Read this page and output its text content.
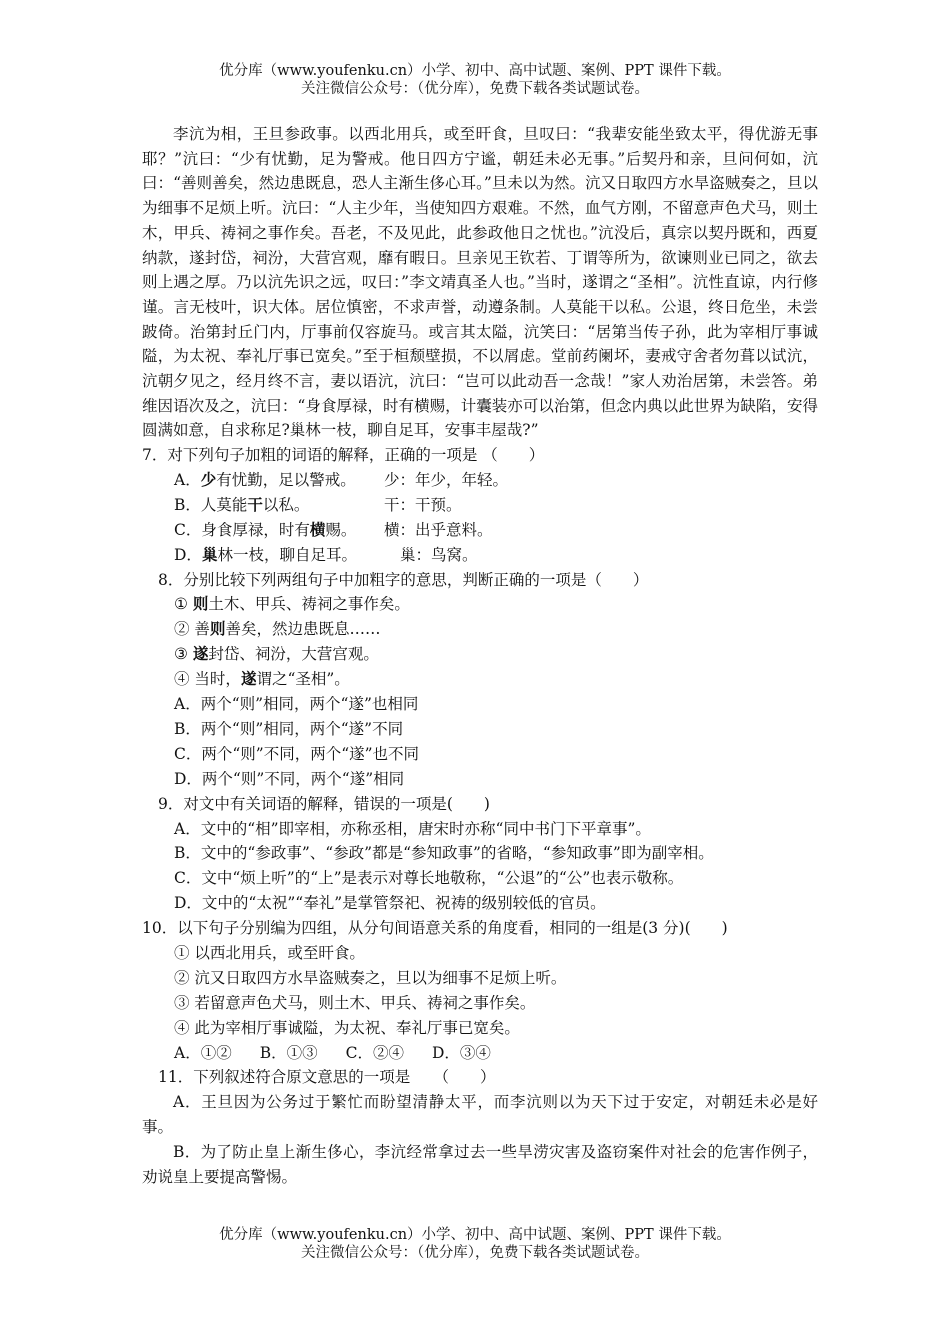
优分库（www.youfenku.cn）小学、初中、高中试题、案例、PPT 课件下载。
关注微信公众号：（优分库），免费下载各类试题试卷。

李沆为相，王旦参政事。以西北用兵，或至旰食，旦叹曰：“我辈安能坐致太平，得优游无事耶？”沆曰：“少有忧勤，足为警戒。他日四方宁谧，朝廷未必无事。”后契丹和亲，旦问何如，沆曰：“善则善矣，然边患既息，恐人主渐生侈心耳。”旦未以为然。沆又日取四方水旱盗贼奏之，旦以为细事不足烦上听。沆曰：“人主少年，当使知四方艰难。不然，血气方刚，不留意声色犬马，则土木，甲兵、祷祠之事作矣。吾老，不及见此，此参政他日之忧也。”沆没后，真宗以契丹既和，西夏纳款，遂封岱，祠汾，大营宫观，靡有暇日。旦亲见王钦若、丁谓等所为，欲谏则业已同之，欲去则上遇之厚。乃以沆先识之远，叹曰：”李文靖真圣人也。”当时，遂谓之“圣相”。沆性直谅，内行修谨。言无枝叶，识大体。居位慎密，不求声誉，动遵条制。人莫能干以私。公退，终日危坐，未尝跛倚。治第封丘门内，厅事前仅容旋马。或言其太隘，沆笑曰：“居第当传子孙，此为宰相厅事诚隘，为太祝、奉礼厅事已宽矣。”至于桓颓壁损，不以屑虑。堂前药阑坏，妻戒守舍者勿葺以试沆，沆朝夕见之，经月终不言，妻以语沆，沆曰：“岂可以此动吾一念哉！”家人劝治居第，未尝答。弟维因语次及之，沆曰：“身食厚禄，时有横赐，计囊装亦可以治第，但念内典以此世界为缺陷，安得圆满如意，自求称足?巢林一枝，聊自足耳，安事丰屋哉?”

7．对下列句子加粗的词语的解释，正确的一项是 （　　）
A．少有忧勤，足以警戒。 少：年少，年轻。
B．人莫能干以私。	干：干预。
C．身食厚禄，时有横赐。 横：出乎意料。
D．巢林一枝，聊自足耳。	巢：鸟窝。
8．分别比较下列两组句子中加粗字的意思，判断正确的一项是（　　）
① 则土木、甲兵、祷祠之事作矣。
② 善则善矣，然边患既息……
③ 遂封岱、祠汾，大营宫观。
④ 当时，遂谓之“圣相”。
A．两个“则”相同，两个“遂”也相同
B．两个“则”相同，两个“遂”不同
C．两个“则”不同，两个“遂”也不同
D．两个“则”不同，两个“遂”相同
9．对文中有关词语的解释，错误的一项是(　　)
A．文中的“相”即宰相，亦称丞相，唐宋时亦称“同中书门下平章事”。
B．文中的“参政事”、“参政”都是“参知政事”的省略，“参知政事”即为副宰相。
C．文中“烦上听”的“上”是表示对尊长地敬称，“公退”的“公”也表示敬称。
D．文中的“太祝”“奉礼”是掌管祭祀、祝祷的级别较低的官员。
10．以下句子分别编为四组，从分句间语意关系的角度看，相同的一组是(3 分)(　　)
① 以西北用兵，或至旰食。
② 沆又日取四方水旱盗贼奏之，旦以为细事不足烦上听。
③ 若留意声色犬马，则土木、甲兵、祷祠之事作矣。
④ 此为宰相厅事诚隘，为太祝、奉礼厅事已宽矣。
A．①② B．①③ C．②④ D．③④
11．下列叙述符合原文意思的一项是　　（　　）
A．王旦因为公务过于繁忙而盼望清静太平，而李沆则以为天下过于安定，对朝廷未必是好事。
B．为了防止皇上渐生侈心，李沆经常拿过去一些旱涝灾害及盗窃案件对社会的危害作例子，劝说皇上要提高警惕。
优分库（www.youfenku.cn）小学、初中、高中试题、案例、PPT 课件下载。
关注微信公众号：（优分库），免费下载各类试题试卷。
